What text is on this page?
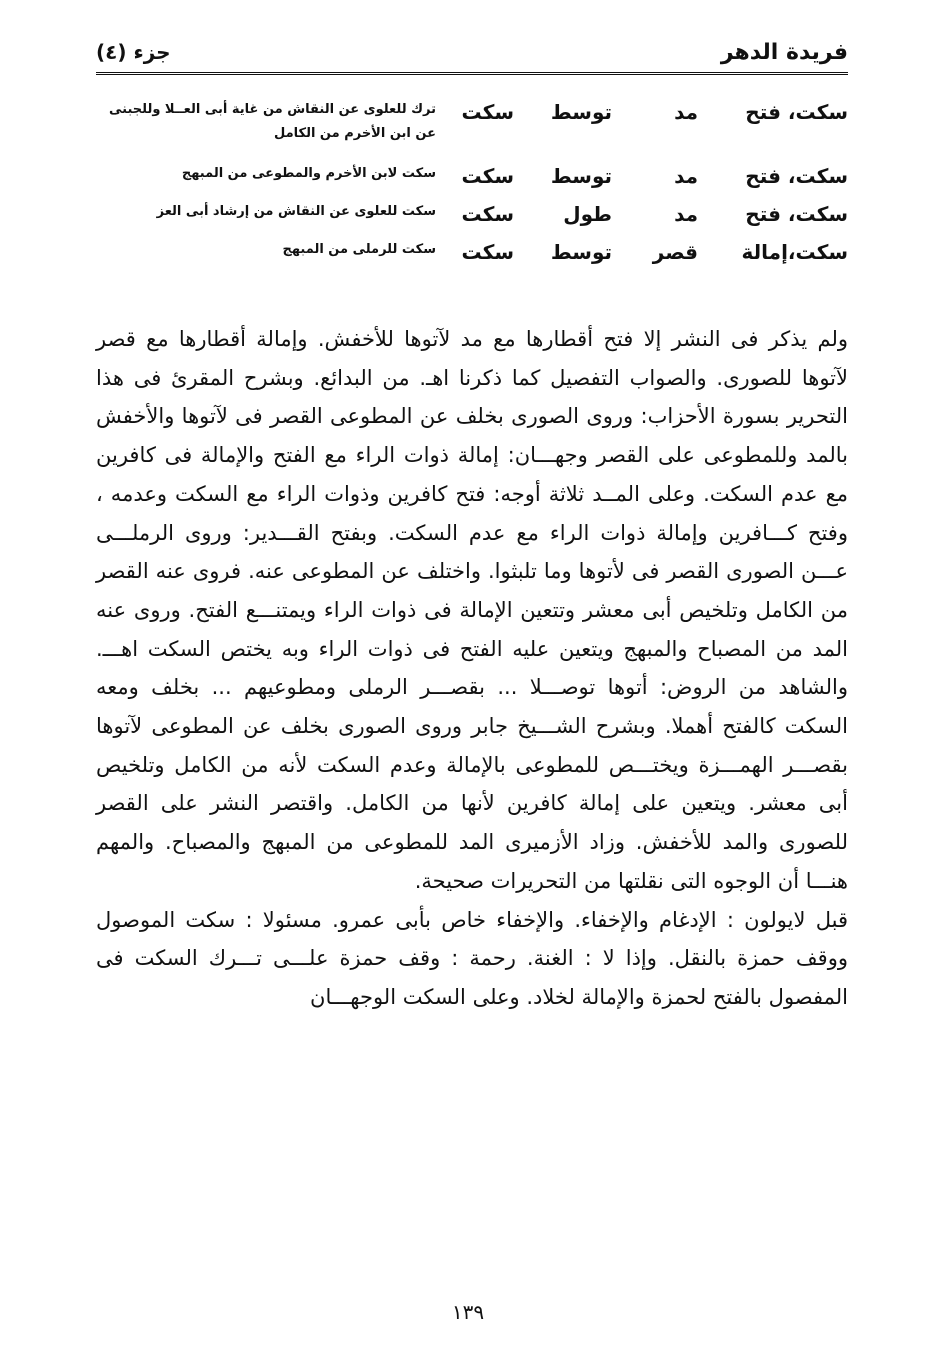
فريدة الدهر
جزء (٤)
سكت، فتح
مد
توسط
سكت
ترك للعلوى عن النقاش من غاية أبى العــلا وللجبنى عن ابن الأخرم من الكامل
سكت، فتح
مد
توسط
سكت
سكت لابن الأخرم والمطوعى من المبهج
سكت، فتح
مد
طول
سكت
سكت للعلوى عن النقاش من إرشاد أبى العز
سكت،إمالة
قصر
توسط
سكت
سكت للرملى من المبهج

ولم يذكر فى النشر إلا فتح أقطارها مع مد لآتوها للأخفش. وإمالة أقطارها مع قصر لآتوها للصورى. والصواب التفصيل كما ذكرنا اهـ. من البدائع. وبشرح المقرئ فى هذا التحرير بسورة الأحزاب: وروى الصورى بخلف عن المطوعى القصر فى لآتوها والأخفش بالمد وللمطوعى على القصر وجهـــان: إمالة ذوات الراء مع الفتح والإمالة فى كافرين مع عدم السكت. وعلى المــد ثلاثة أوجه: فتح كافرين وذوات الراء مع السكت وعدمه ، وفتح كـــافرين وإمالة ذوات الراء مع عدم السكت. وبفتح القـــدير: وروى الرملـــى عـــن الصورى القصر فى لأتوها وما تلبثوا. واختلف عن المطوعى عنه. فروى عنه القصر من الكامل وتلخيص أبى معشر وتتعين الإمالة فى ذوات الراء ويمتنـــع الفتح. وروى عنه المد من المصباح والمبهج ويتعين عليه الفتح فى ذوات الراء وبه يختص السكت اهـــ. والشاهد من الروض: أتوها توصـــلا ... بقصـــر الرملى ومطوعيهم ... بخلف ومعه السكت كالفتح أهملا. وبشرح الشـــيخ جابر وروى الصورى بخلف عن المطوعى لآتوها بقصـــر الهمـــزة ويختـــص للمطوعى بالإمالة وعدم السكت لأنه من الكامل وتلخيص أبى معشر. ويتعين على إمالة كافرين لأنها من الكامل. واقتصر النشر على القصر للصورى والمد للأخفش. وزاد الأزميرى المد للمطوعى من المبهج والمصباح. والمهم هنـــا أن الوجوه التى نقلتها من التحريرات صحيحة.

قبل لايولون : الإدغام والإخفاء. والإخفاء خاص بأبى عمرو. مسئولا : سكت الموصول ووقف حمزة بالنقل. وإذا لا : الغنة. رحمة : وقف حمزة علـــى تـــرك السكت فى المفصول بالفتح لحمزة والإمالة لخلاد. وعلى السكت الوجهـــان

١٣٩
